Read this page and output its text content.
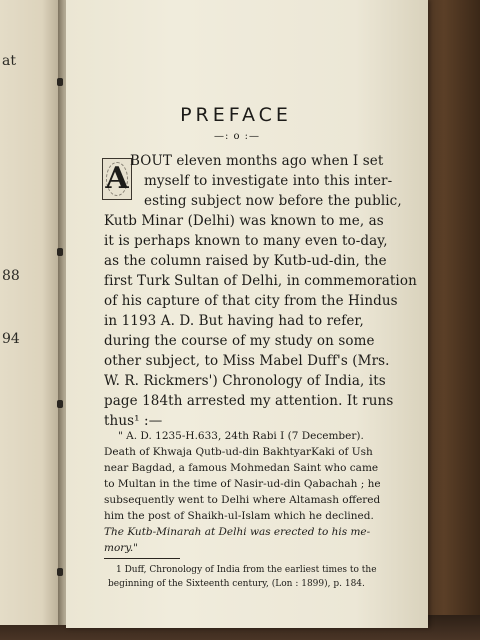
at
88
94
PREFACE
—: o :—
A BOUT eleven months ago when I set
myself to investigate into this inter-
esting subject now before the public,
Kutb Minar (Delhi) was known to me, as
it is perhaps known to many even to-day,
as the column raised by Kutb-ud-din, the
first Turk Sultan of Delhi, in commemoration
of his capture of that city from the Hindus
in 1193 A. D. But having had to refer,
during the course of my study on some
other subject, to Miss Mabel Duff's (Mrs.
W. R. Rickmers') Chronology of India, its
page 184th arrested my attention. It runs
thus¹ :—
" A. D. 1235-H.633, 24th Rabi I (7 December).
Death of Khwaja Qutb-ud-din BakhtyarKaki of Ush
near Bagdad, a famous Mohmedan Saint who came
to Multan in the time of Nasir-ud-din Qabachah ; he
subsequently went to Delhi where Altamash offered
him the post of Shaikh-ul-Islam which he declined.
The Kutb-Minarah at Delhi was erected to his me-
mory."
1 Duff, Chronology of India from the earliest times to the
beginning of the Sixteenth century, (Lon : 1899), p. 184.
